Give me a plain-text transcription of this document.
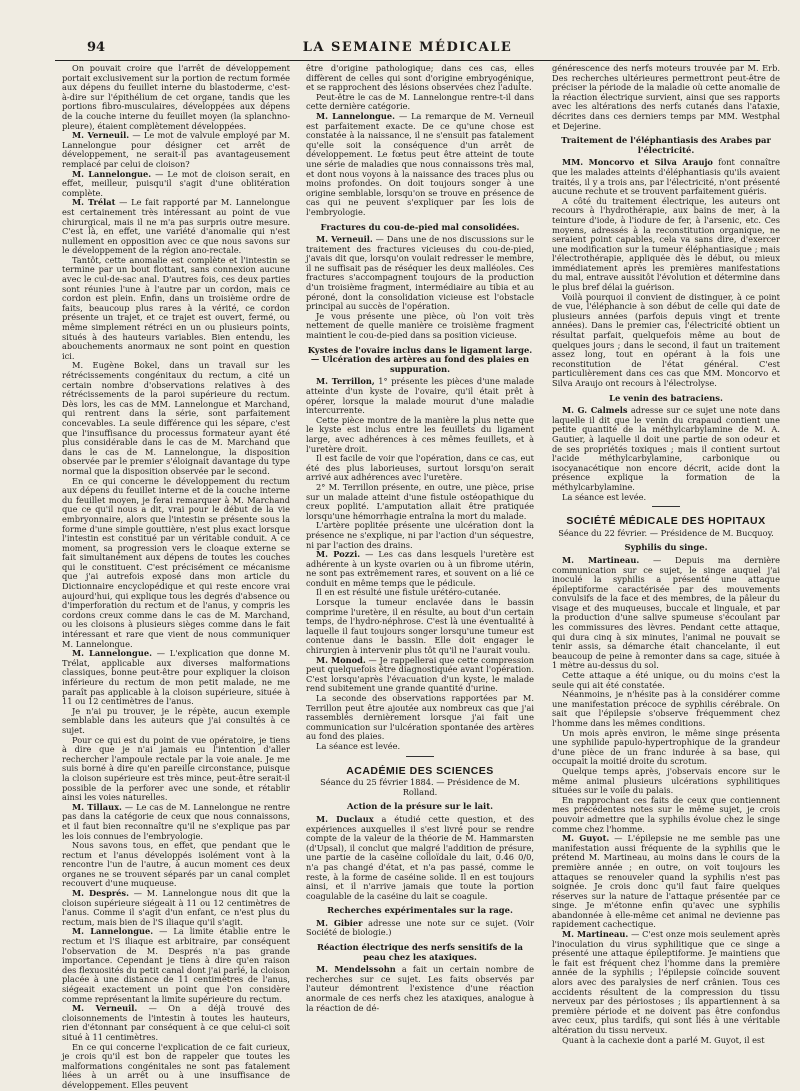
94	LA SEMAINE MÉDICALE

On pouvait croire que l'arrêt de développement portait exclusivement sur la portion de rectum formée aux dépens du feuillet interne du blastoderme, c'est-à-dire sur l'épithélium de cet organe, tandis que les portions fibro-musculaires, développées aux dépens de la couche interne du feuillet moyen (la splanchno-pleure), étaient complètement développées.

M. Verneuil. — Le mot de valvule employé par M. Lannelongue pour désigner cet arrêt de développement, ne serait-il pas avantageusement remplacé par celui de cloison?

M. Lannelongue. — Le mot de cloison serait, en effet, meilleur, puisqu'il s'agit d'une oblitération complète.

M. Trélat — Le fait rapporté par M. Lannelongue est certainement très intéressant au point de vue chirurgical, mais il ne m'a pas surpris outre mesure. C'est là, en effet, une variété d'anomalie qui n'est nullement en opposition avec ce que nous savons sur le développement de la région ano-rectale.

Tantôt, cette anomalie est complète et l'intestin se termine par un bout flottant, sans connexion aucune avec le cul-de-sac anal. D'autres fois, ces deux parties sont réunies l'une à l'autre par un cordon, mais ce cordon est plein. Enfin, dans un troisième ordre de faits, beaucoup plus rares à la vérité, ce cordon présente un trajet, et ce trajet est ouvert, fermé, ou même simplement rétréci en un ou plusieurs points, situés à des hauteurs variables. Bien entendu, les abouchements anormaux ne sont point en question ici.

M. Eugène Bokel, dans un travail sur les rétrécissements congénitaux du rectum, a cité un certain nombre d'observations relatives à des rétrécissements de la paroi supérieure du rectum. Dès lors, les cas de MM. Lannelongue et Marchand, qui rentrent dans la série, sont parfaitement concevables. La seule différence qui les sépare, c'est que l'insuffisance du processus formateur ayant été plus considérable dans le cas de M. Marchand que dans le cas de M. Lannelongue, la disposition observée par le premier s'éloignait davantage du type normal que la disposition observée par le second.

En ce qui concerne le développement du rectum aux dépens du feuillet interne et de la couche interne du feuillet moyen, je ferai remarquer à M. Marchand que ce qu'il nous a dit, vrai pour le début de la vie embryonnaire, alors que l'intestin se présente sous la forme d'une simple gouttière, n'est plus exact lorsque l'intestin est constitué par un véritable conduit. A ce moment, sa progression vers le cloaque externe se fait simultanément aux dépens de toutes les couches qui le constituent. C'est précisément ce mécanisme que j'ai autrefois exposé dans mon article du Dictionnaire encyclopédique et qui reste encore vrai aujourd'hui, qui explique tous les degrés d'absence ou d'imperforation du rectum et de l'anus, y compris les cordons creux comme dans le cas de M. Marchand, ou les cloisons à plusieurs sièges comme dans le fait intéressant et rare que vient de nous communiquer M. Lannelongue.

M. Lannelongue. — L'explication que donne M. Trélat, applicable aux diverses malformations classiques, bonne peut-être pour expliquer la cloison inférieure du rectum de mon petit malade, ne me paraît pas applicable à la cloison supérieure, située à 11 ou 12 centimètres de l'anus.

Je n'ai pu trouver, je le répète, aucun exemple semblable dans les auteurs que j'ai consultés à ce sujet.

Pour ce qui est du point de vue opératoire, je tiens à dire que je n'ai jamais eu l'intention d'aller rechercher l'ampoule rectale par la voie anale. Je me suis borné à dire qu'en pareille circonstance, puisque la cloison supérieure est très mince, peut-être serait-il possible de la perforer avec une sonde, et rétablir ainsi les voies naturelles.

M. Tillaux. — Le cas de M. Lannelongue ne rentre pas dans la catégorie de ceux que nous connaissons, et il faut bien reconnaître qu'il ne s'explique pas par les lois connues de l'embryologie.

Nous savons tous, en effet, que pendant que le rectum et l'anus développés isolément vont à la rencontre l'un de l'autre, à aucun moment ces deux organes ne se trouvent séparés par un canal complet recouvert d'une muqueuse.

M. Després. — M. Lannelongue nous dit que la cloison supérieure siégeait à 11 ou 12 centimètres de l'anus. Comme il s'agit d'un enfant, ce n'est plus du rectum, mais bien de l'S iliaque qu'il s'agit.

M. Lannelongue. — La limite établie entre le rectum et l'S iliaque est arbitraire, par conséquent l'observation de M. Després n'a pas grande importance. Cependant je tiens à dire qu'en raison des flexuosités du petit canal dont j'ai parlé, la cloison placée à une distance de 11 centimètres de l'anus, siégeait exactement un point que l'on considère comme représentant la limite supérieure du rectum.

M. Verneuil. — On a déjà trouvé des cloisonnements de l'intestin à toutes les hauteurs, rien d'étonnant par conséquent à ce que celui-ci soit situé à 11 centimètres.

En ce qui concerne l'explication de ce fait curieux, je crois qu'il est bon de rappeler que toutes les malformations congénitales ne sont pas fatalement liées à un arrêt ou à une insuffisance de développement. Elles peuvent

être d'origine pathologique; dans ces cas, elles diffèrent de celles qui sont d'origine embryogénique, et se rapprochent des lésions observées chez l'adulte.

Peut-être le cas de M. Lannelongue rentre-t-il dans cette dernière catégorie.

M. Lannelongue. — La remarque de M. Verneuil est parfaitement exacte. De ce qu'une chose est constatée à la naissance, il ne s'ensuit pas fatalement qu'elle soit la conséquence d'un arrêt de développement. Le fœtus peut être atteint de toute une série de maladies que nous connaissons très mal, et dont nous voyons à la naissance des traces plus ou moins profondes. On doit toujours songer à une origine semblable, lorsqu'on se trouve en présence de cas qui ne peuvent s'expliquer par les lois de l'embryologie.

Fractures du cou-de-pied mal consolidées.

M. Verneuil. — Dans une de nos discussions sur le traitement des fractures vicieuses du cou-de-pied, j'avais dit que, lorsqu'on voulait redresser le membre, il ne suffisait pas de réséquer les deux malléoles. Ces fractures s'accompagnent toujours de la production d'un troisième fragment, intermédiaire au tibia et au péroné, dont la consolidation vicieuse est l'obstacle principal au succès de l'opération.

Je vous présente une pièce, où l'on voit très nettement de quelle manière ce troisième fragment maintient le cou-de-pied dans sa position vicieuse.

Kystes de l'ovaire inclus dans le ligament large. — Ulcération des artères au fond des plaies en suppuration.

M. Terrillon, 1° présente les pièces d'une malade atteinte d'un kyste de l'ovaire, qu'il était prêt à opérer, lorsque la malade mourut d'une maladie intercurrente.

Cette pièce montre de la manière la plus nette que le kyste est inclus entre les feuillets du ligament large, avec adhérences à ces mêmes feuillets, et à l'uretère droit.

Il est facile de voir que l'opération, dans ce cas, eut été des plus laborieuses, surtout lorsqu'on serait arrivé aux adhérences avec l'uretère.

2° M. Terrillon présente, en outre, une pièce, prise sur un malade atteint d'une fistule ostéopathique du creux poplité. L'amputation allait être pratiquée lorsqu'une hémorrhagie entraîna la mort du malade.

L'artère poplitée présente une ulcération dont la présence ne s'explique, ni par l'action d'un séquestre, ni par l'action des drains.

M. Pozzi. — Les cas dans lesquels l'uretère est adhérente à un kyste ovarien ou à un fibrome utérin, ne sont pas extrêmement rares, et souvent on a lié ce conduit en même temps que le pédicule.

Il en est résulté une fistule urétéro-cutanée.

Lorsque la tumeur enclavée dans le bassin comprime l'uretère, il en résulte, au bout d'un certain temps, de l'hydro-néphrose. C'est là une éventualité à laquelle il faut toujours songer lorsqu'une tumeur est contenue dans le bassin. Elle doit engager le chirurgien à intervenir plus tôt qu'il ne l'aurait voulu.

M. Monod. — Je rappellerai que cette compression peut quelquefois être diagnostiquée avant l'opération. C'est lorsqu'après l'évacuation d'un kyste, le malade rend subitement une grande quantité d'urine.

La seconde des observations rapportées par M. Terrillon peut être ajoutée aux nombreux cas que j'ai rassemblés dernièrement lorsque j'ai fait une communication sur l'ulcération spontanée des artères au fond des plaies.

La séance est levée.

ACADÉMIE DES SCIENCES

Séance du 25 février 1884. — Présidence de M. Rolland.

Action de la présure sur le lait.

M. Duclaux a étudié cette question, et des expériences auxquelles il s'est livré pour se rendre compte de la valeur de la théorie de M. Hammarsten (d'Upsal), il conclut que malgré l'addition de présure, une partie de la caséine colloïdale du lait, 0.46 0/0, n'a pas changé d'état, et n'a pas passé, comme le reste, à la forme de caséine solide. Il en est toujours ainsi, et il n'arrive jamais que toute la portion coagulable de la caséine du lait se coagule.

Recherches expérimentales sur la rage.

M. Gibier adresse une note sur ce sujet. (Voir Société de biologie.)

Réaction électrique des nerfs sensitifs de la peau chez les ataxiques.

M. Mendelssohn a fait un certain nombre de recherches sur ce sujet. Les faits observés par l'auteur démontrent l'existence d'une réaction anormale de ces nerfs chez les ataxiques, analogue à la réaction de dé-

générescence des nerfs moteurs trouvée par M. Erb. Des recherches ultérieures permettront peut-être de préciser la période de la maladie où cette anomalie de la réaction électrique survient, ainsi que ses rapports avec les altérations des nerfs cutanés dans l'ataxie, décrites dans ces derniers temps par MM. Westphal et Dejerine.

Traitement de l'éléphantiasis des Arabes par l'électricité.

MM. Moncorvo et Silva Araujo font connaître que les malades atteints d'éléphantiasis qu'ils avaient traités, il y a trois ans, par l'électricité, n'ont présenté aucune rechute et se trouvent parfaitement guéris.

A côté du traitement électrique, les auteurs ont recours à l'hydrothérapie, aux bains de mer, à la teinture d'iode, à l'iodure de fer, à l'arsenic, etc. Ces moyens, adressés à la reconstitution organique, ne seraient point capables, cela va sans dire, d'exercer une modification sur la tumeur éléphantiasique ; mais l'électrothérapie, appliquée dès le début, ou mieux immédiatement après les premières manifestations du mal, entrave aussitôt l'évolution et détermine dans le plus bref délai la guérison.

Voilà pourquoi il convient de distinguer, à ce point de vue, l'éléphancie à son début de celle qui date de plusieurs années (parfois depuis vingt et trente années). Dans le premier cas, l'électricité obtient un résultat parfait, quelquefois même au bout de quelques jours ; dans le second, il faut un traitement assez long, tout en opérant à la fois une reconstitution de l'état général. C'est particulièrement dans ces cas que MM. Moncorvo et Silva Araujo ont recours à l'électrolyse.

Le venin des batraciens.

M. G. Calmels adresse sur ce sujet une note dans laquelle il dit que le venin du crapaud contient une petite quantité de la méthylcarbylamine de M. A. Gautier, à laquelle il doit une partie de son odeur et de ses propriétés toxiques ; mais il contient surtout l'acide méthylcarbylamine, carbonique ou isocyanacétique non encore décrit, acide dont la présence explique la formation de la méthylcarbylamine.

La séance est levée.

SOCIÉTÉ MÉDICALE DES HOPITAUX

Séance du 22 février. — Présidence de M. Bucquoy.

Syphilis du singe.

M. Martineau. — Depuis ma dernière communication sur ce sujet, le singe auquel j'ai inoculé la syphilis a présenté une attaque épileptiforme caractérisée par des mouvements convulsifs de la face et des membres, de la pâleur du visage et des muqueuses, buccale et linguale, et par la production d'une salive spumeuse s'écoulant par les commissures des lèvres. Pendant cette attaque, qui dura cinq à six minutes, l'animal ne pouvait se tenir assis, sa démarche était chancelante, il eut beaucoup de peine à remonter dans sa cage, située à 1 mètre au-dessus du sol.

Cette attaque a été unique, ou du moins c'est la seule qui ait été constatée.

Néanmoins, je n'hésite pas à la considérer comme une manifestation précoce de syphilis cérébrale. On sait que l'épilepsie s'observe fréquemment chez l'homme dans les mêmes conditions.

Un mois après environ, le même singe présenta une syphilide papulo-hypertrophique de la grandeur d'une pièce de un franc indurée à sa base, qui occupait la moitié droite du scrotum.

Quelque temps après, j'observais encore sur le même animal plusieurs ulcérations syphilitiques situées sur le voile du palais.

En rapprochant ces faits de ceux que contiennent mes précédentes notes sur le même sujet, je crois pouvoir admettre que la syphilis évolue chez le singe comme chez l'homme.

M. Guyot. — L'épilepsie ne me semble pas une manifestation aussi fréquente de la syphilis que le prétend M. Martineau, au moins dans le cours de la première année ; en outre, on voit toujours les attaques se renouveler quand la syphilis n'est pas soignée. Je crois donc qu'il faut faire quelques réserves sur la nature de l'attaque présentée par ce singe. Je m'étonne enfin qu'avec une syphilis abandonnée à elle-même cet animal ne devienne pas rapidement cachectique.

M. Martineau. — C'est onze mois seulement après l'inoculation du virus syphilitique que ce singe a présenté une attaque épileptiforme. Je maintiens que le fait est fréquent chez l'homme dans la première année de la syphilis ; l'épilepsie coïncide souvent alors avec des paralysies de nerf crânien. Tous ces accidents résultent de la compression du tissu nerveux par des périostoses ; ils appartiennent à sa première période et ne doivent pas être confondus avec ceux, plus tardifs, qui sont liés à une véritable altération du tissu nerveux.

Quant à la cachexie dont a parlé M. Guyot, il est
